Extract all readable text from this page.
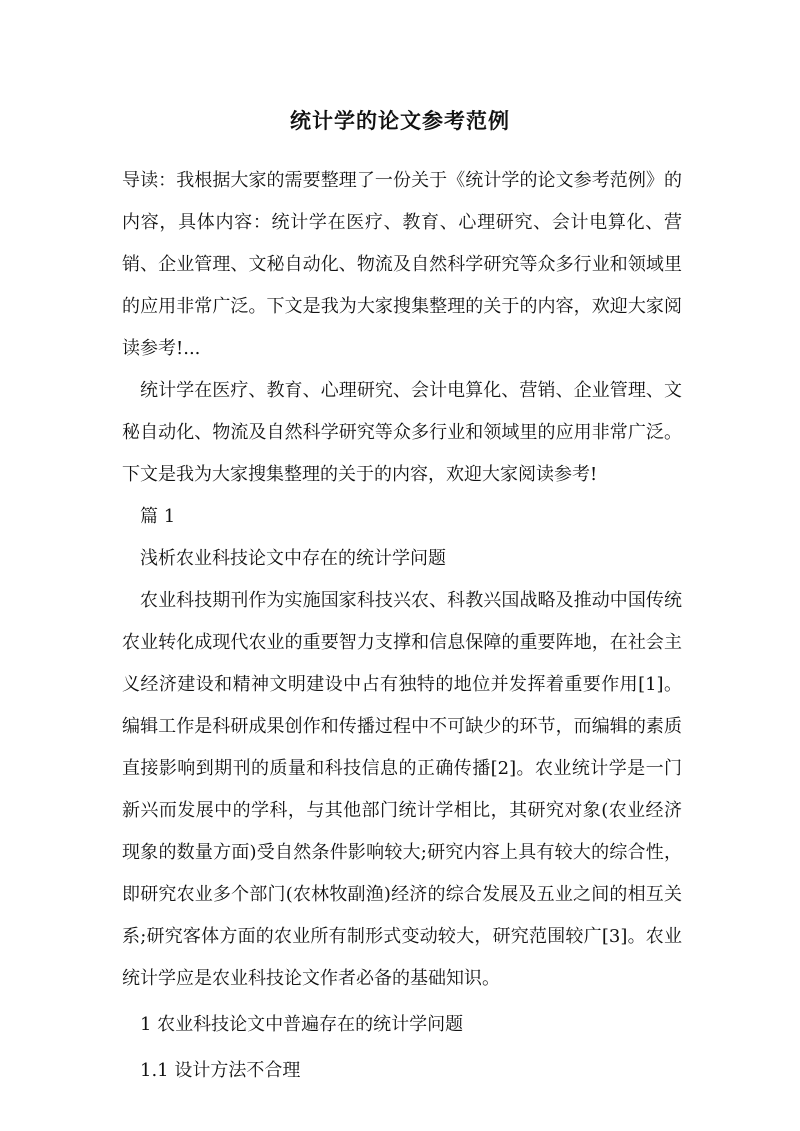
统计学的论文参考范例

导读：我根据大家的需要整理了一份关于《统计学的论文参考范例》的内容，具体内容：统计学在医疗、教育、心理研究、会计电算化、营销、企业管理、文秘自动化、物流及自然科学研究等众多行业和领域里的应用非常广泛。下文是我为大家搜集整理的关于的内容，欢迎大家阅读参考!...

统计学在医疗、教育、心理研究、会计电算化、营销、企业管理、文秘自动化、物流及自然科学研究等众多行业和领域里的应用非常广泛。下文是我为大家搜集整理的关于的内容，欢迎大家阅读参考!

篇 1

浅析农业科技论文中存在的统计学问题

农业科技期刊作为实施国家科技兴农、科教兴国战略及推动中国传统农业转化成现代农业的重要智力支撑和信息保障的重要阵地，在社会主义经济建设和精神文明建设中占有独特的地位并发挥着重要作用[1]。编辑工作是科研成果创作和传播过程中不可缺少的环节，而编辑的素质直接影响到期刊的质量和科技信息的正确传播[2]。农业统计学是一门新兴而发展中的学科，与其他部门统计学相比，其研究对象(农业经济现象的数量方面)受自然条件影响较大;研究内容上具有较大的综合性，即研究农业多个部门(农林牧副渔)经济的综合发展及五业之间的相互关系;研究客体方面的农业所有制形式变动较大，研究范围较广[3]。农业统计学应是农业科技论文作者必备的基础知识。

1 农业科技论文中普遍存在的统计学问题

1.1 设计方法不合理
